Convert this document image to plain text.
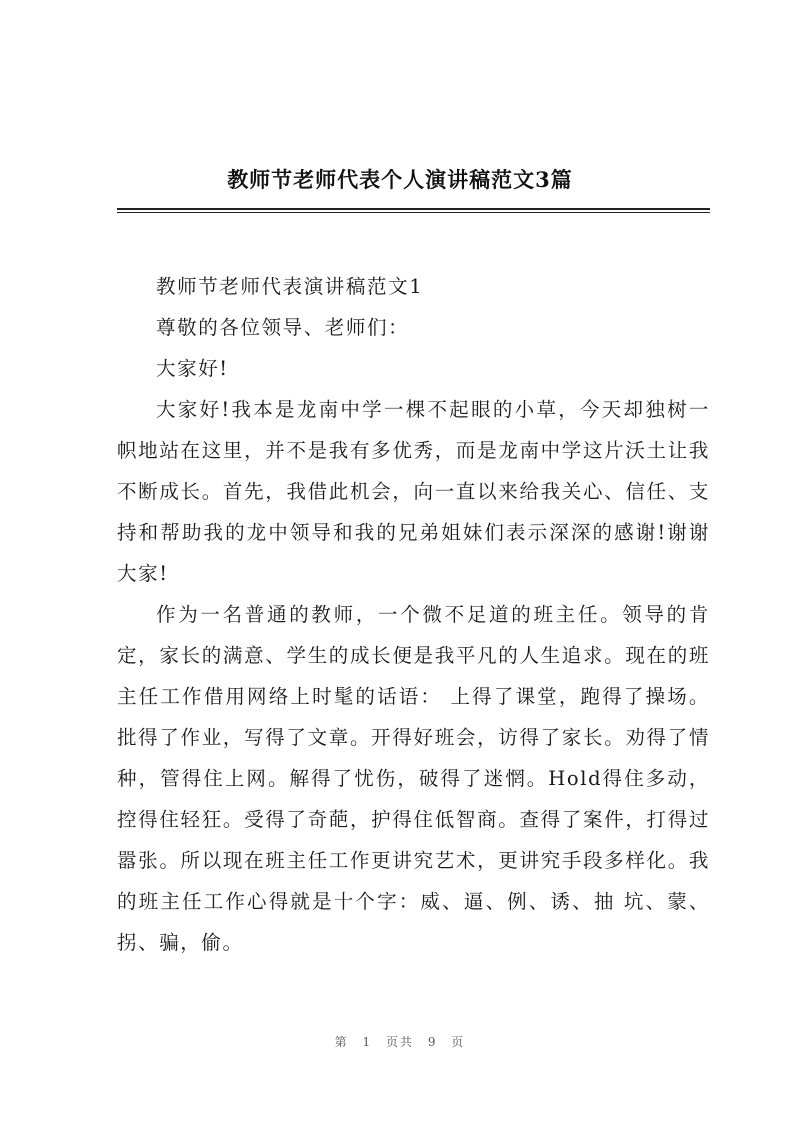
教师节老师代表个人演讲稿范文3篇

教师节老师代表演讲稿范文1

尊敬的各位领导、老师们：

大家好!

大家好!我本是龙南中学一棵不起眼的小草，今天却独树一帜地站在这里，并不是我有多优秀，而是龙南中学这片沃土让我不断成长。首先，我借此机会，向一直以来给我关心、信任、支持和帮助我的龙中领导和我的兄弟姐妹们表示深深的感谢!谢谢大家!

作为一名普通的教师，一个微不足道的班主任。领导的肯定，家长的满意、学生的成长便是我平凡的人生追求。现在的班主任工作借用网络上时髦的话语： 上得了课堂，跑得了操场。批得了作业，写得了文章。开得好班会，访得了家长。劝得了情种，管得住上网。解得了忧伤，破得了迷惘。Hold得住多动，控得住轻狂。受得了奇葩，护得住低智商。查得了案件，打得过嚣张。所以现在班主任工作更讲究艺术，更讲究手段多样化。我的班主任工作心得就是十个字：威、逼、例、诱、抽 坑、蒙、拐、骗，偷。

第 1 页共 9 页
